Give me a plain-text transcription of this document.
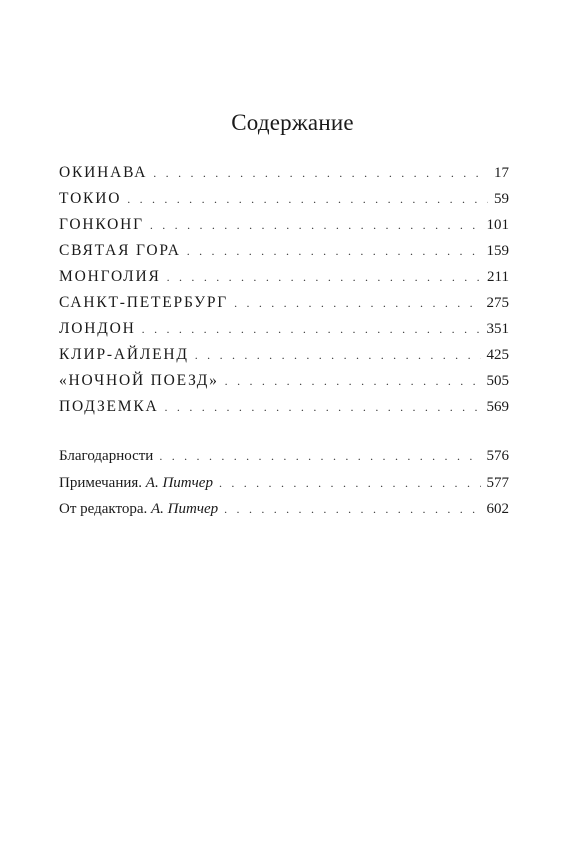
Содержание
ОКИНАВА . . .	17
ТОКИО . . .	59
ГОНКОНГ . . .	101
СВЯТАЯ ГОРА . . .	159
МОНГОЛИЯ . . .	211
САНКТ-ПЕТЕРБУРГ . . .	275
ЛОНДОН . . .	351
КЛИР-АЙЛЕНД . . .	425
«НОЧНОЙ ПОЕЗД» . . .	505
ПОДЗЕМКА . . .	569
Благодарности . . .	576
Примечания. А. Питчер . . .	577
От редактора. А. Питчер . . .	602
